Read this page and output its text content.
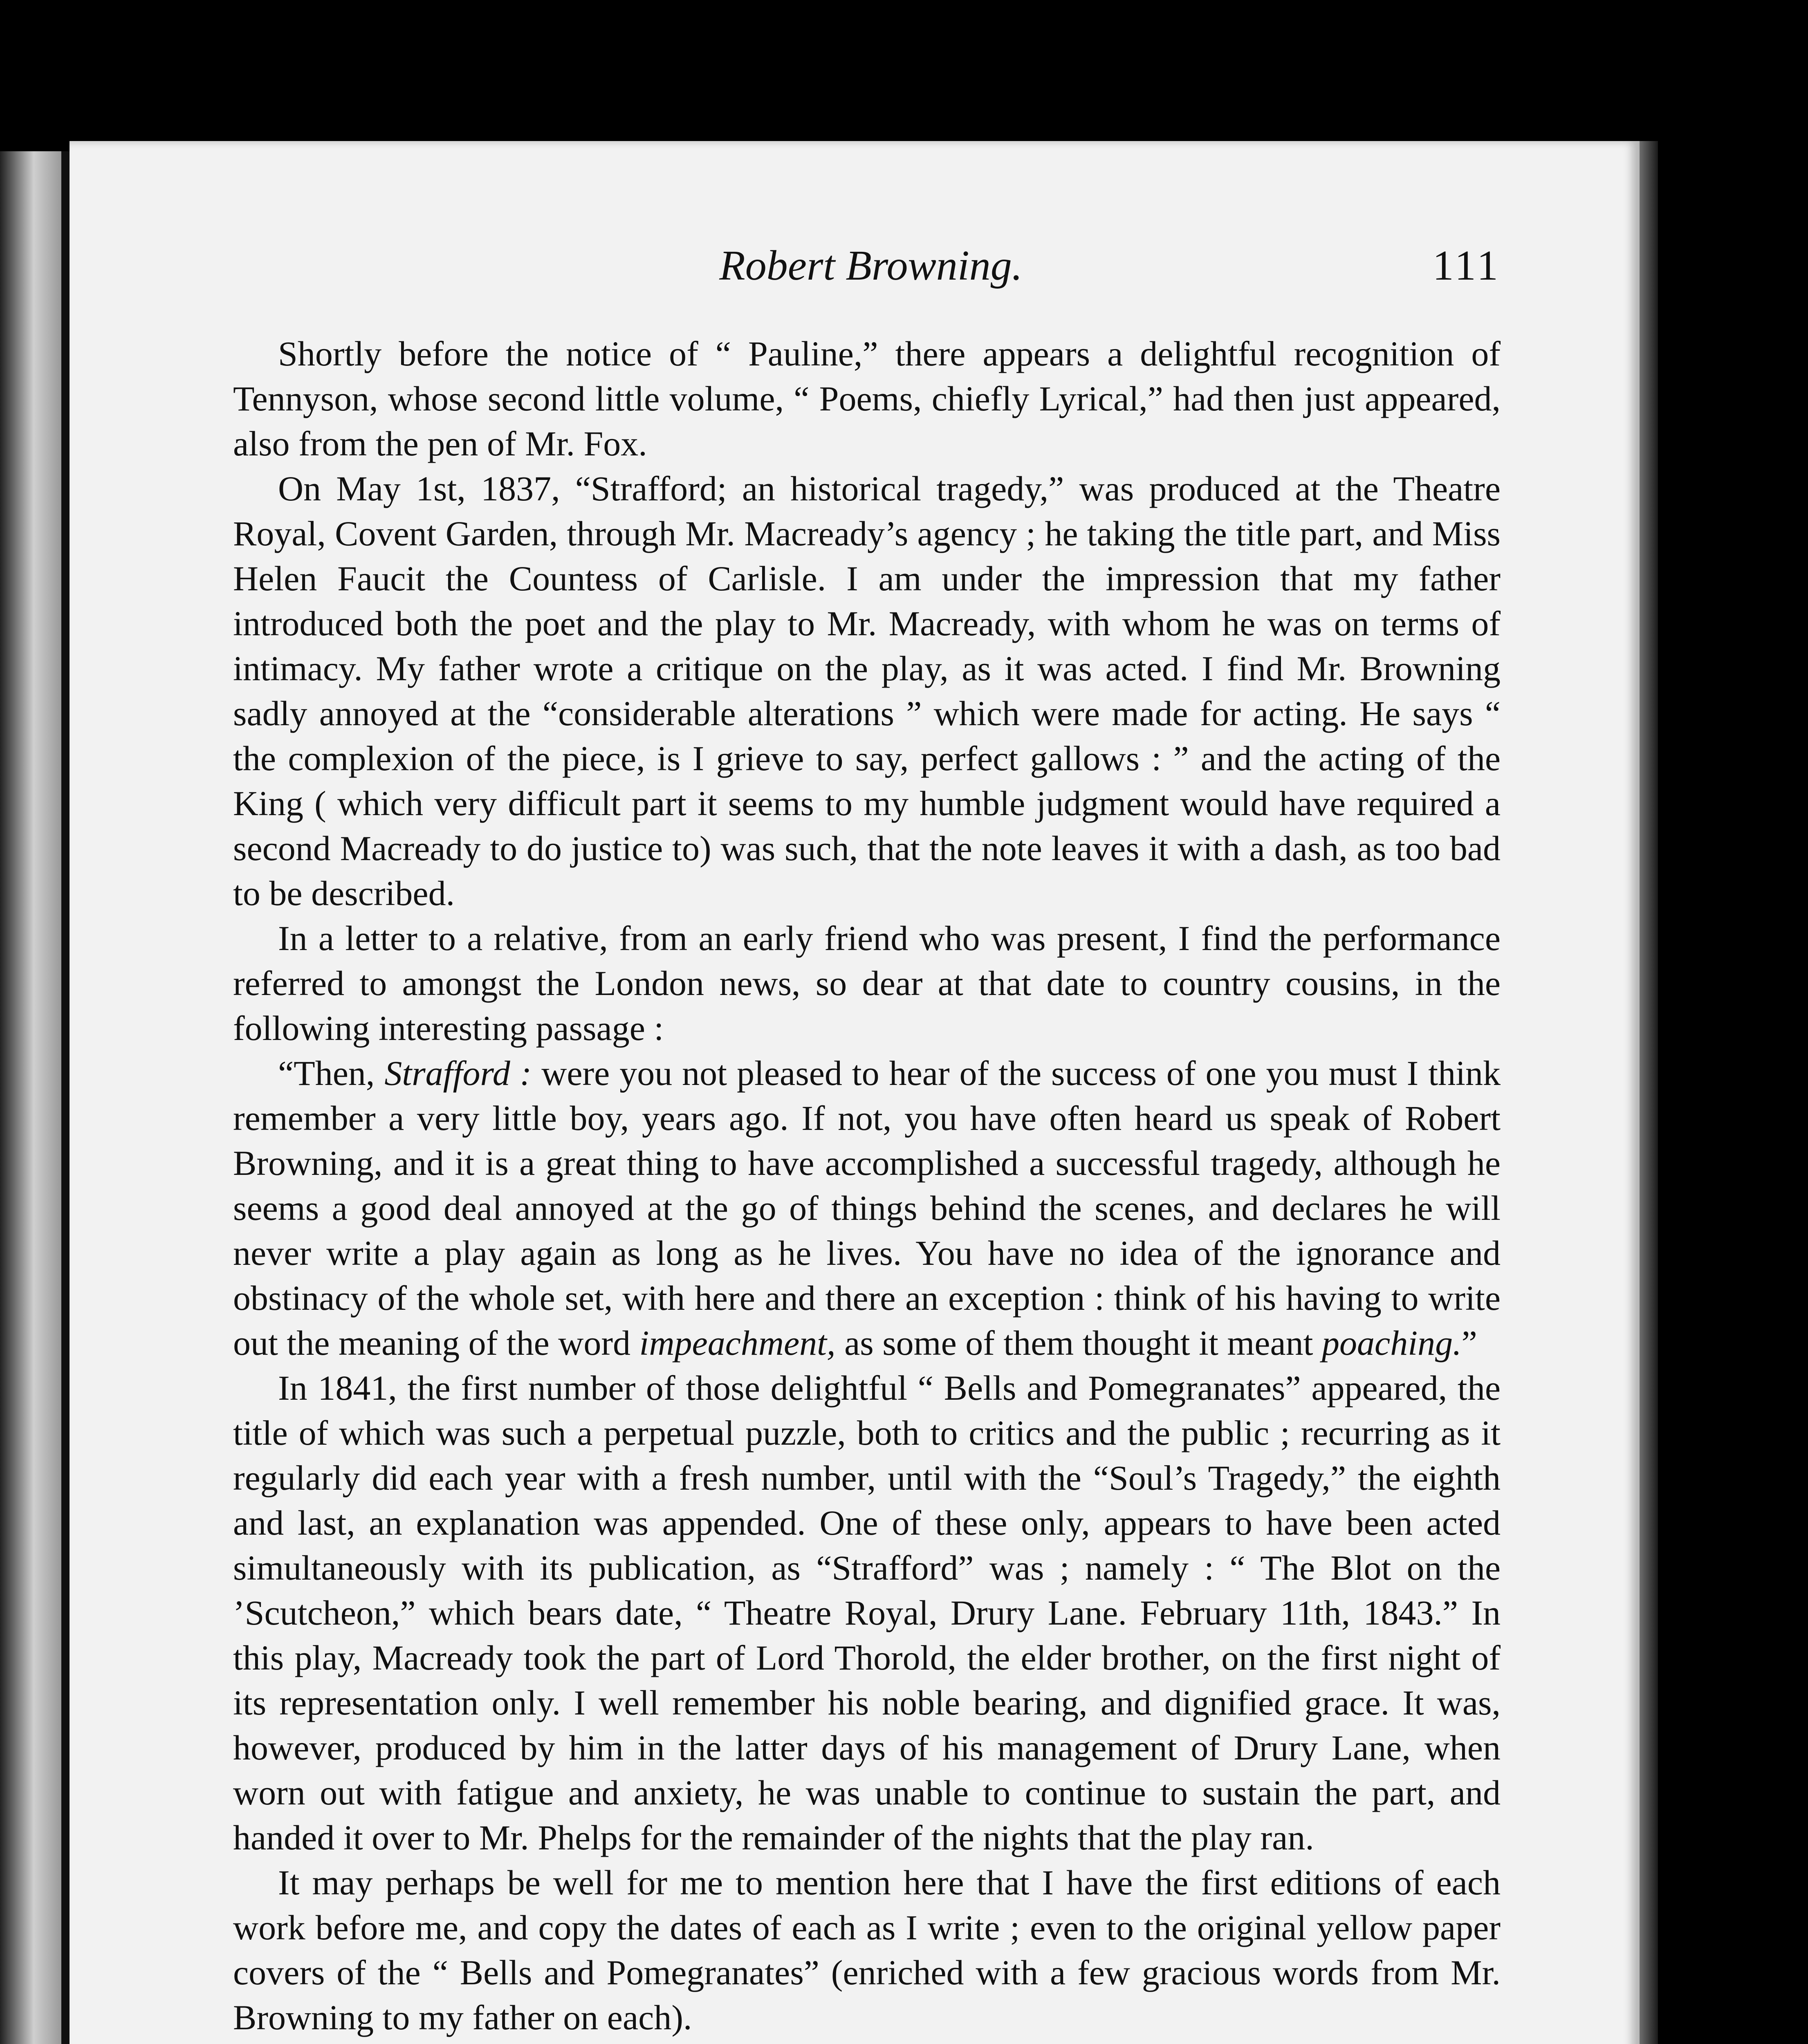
Robert Browning.	111

Shortly before the notice of “ Pauline,” there appears a delightful recognition of Tennyson, whose second little volume, “ Poems, chiefly Lyrical,” had then just appeared, also from the pen of Mr. Fox.

On May 1st, 1837, “Strafford; an historical tragedy,” was produced at the Theatre Royal, Covent Garden, through Mr. Macready’s agency ; he taking the title part, and Miss Helen Faucit the Countess of Carlisle. I am under the impression that my father introduced both the poet and the play to Mr. Macready, with whom he was on terms of intimacy. My father wrote a critique on the play, as it was acted. I find Mr. Browning sadly annoyed at the “considerable alterations ” which were made for acting. He says “ the complexion of the piece, is I grieve to say, perfect gallows : ” and the acting of the King ( which very difficult part it seems to my humble judgment would have required a second Macready to do justice to) was such, that the note leaves it with a dash, as too bad to be described.

In a letter to a relative, from an early friend who was present, I find the performance referred to amongst the London news, so dear at that date to country cousins, in the following interesting passage :

“Then, Strafford : were you not pleased to hear of the success of one you must I think remember a very little boy, years ago. If not, you have often heard us speak of Robert Browning, and it is a great thing to have accomplished a successful tragedy, although he seems a good deal annoyed at the go of things behind the scenes, and declares he will never write a play again as long as he lives. You have no idea of the ignorance and obstinacy of the whole set, with here and there an exception : think of his having to write out the meaning of the word impeachment, as some of them thought it meant poaching.”

In 1841, the first number of those delightful “ Bells and Pomegranates” appeared, the title of which was such a perpetual puzzle, both to critics and the public ; recurring as it regularly did each year with a fresh number, until with the “Soul’s Tragedy,” the eighth and last, an explanation was appended. One of these only, appears to have been acted simultaneously with its publication, as “Strafford” was ; namely : “ The Blot on the ’Scutcheon,” which bears date, “ Theatre Royal, Drury Lane. February 11th, 1843.” In this play, Macready took the part of Lord Thorold, the elder brother, on the first night of its representation only. I well remember his noble bearing, and dignified grace. It was, however, produced by him in the latter days of his management of Drury Lane, when worn out with fatigue and anxiety, he was unable to continue to sustain the part, and handed it over to Mr. Phelps for the remainder of the nights that the play ran.

It may perhaps be well for me to mention here that I have the first editions of each work before me, and copy the dates of each as I write ; even to the original yellow paper covers of the “ Bells and Pomegranates” (enriched with a few gracious words from Mr. Browning to my father on each).
